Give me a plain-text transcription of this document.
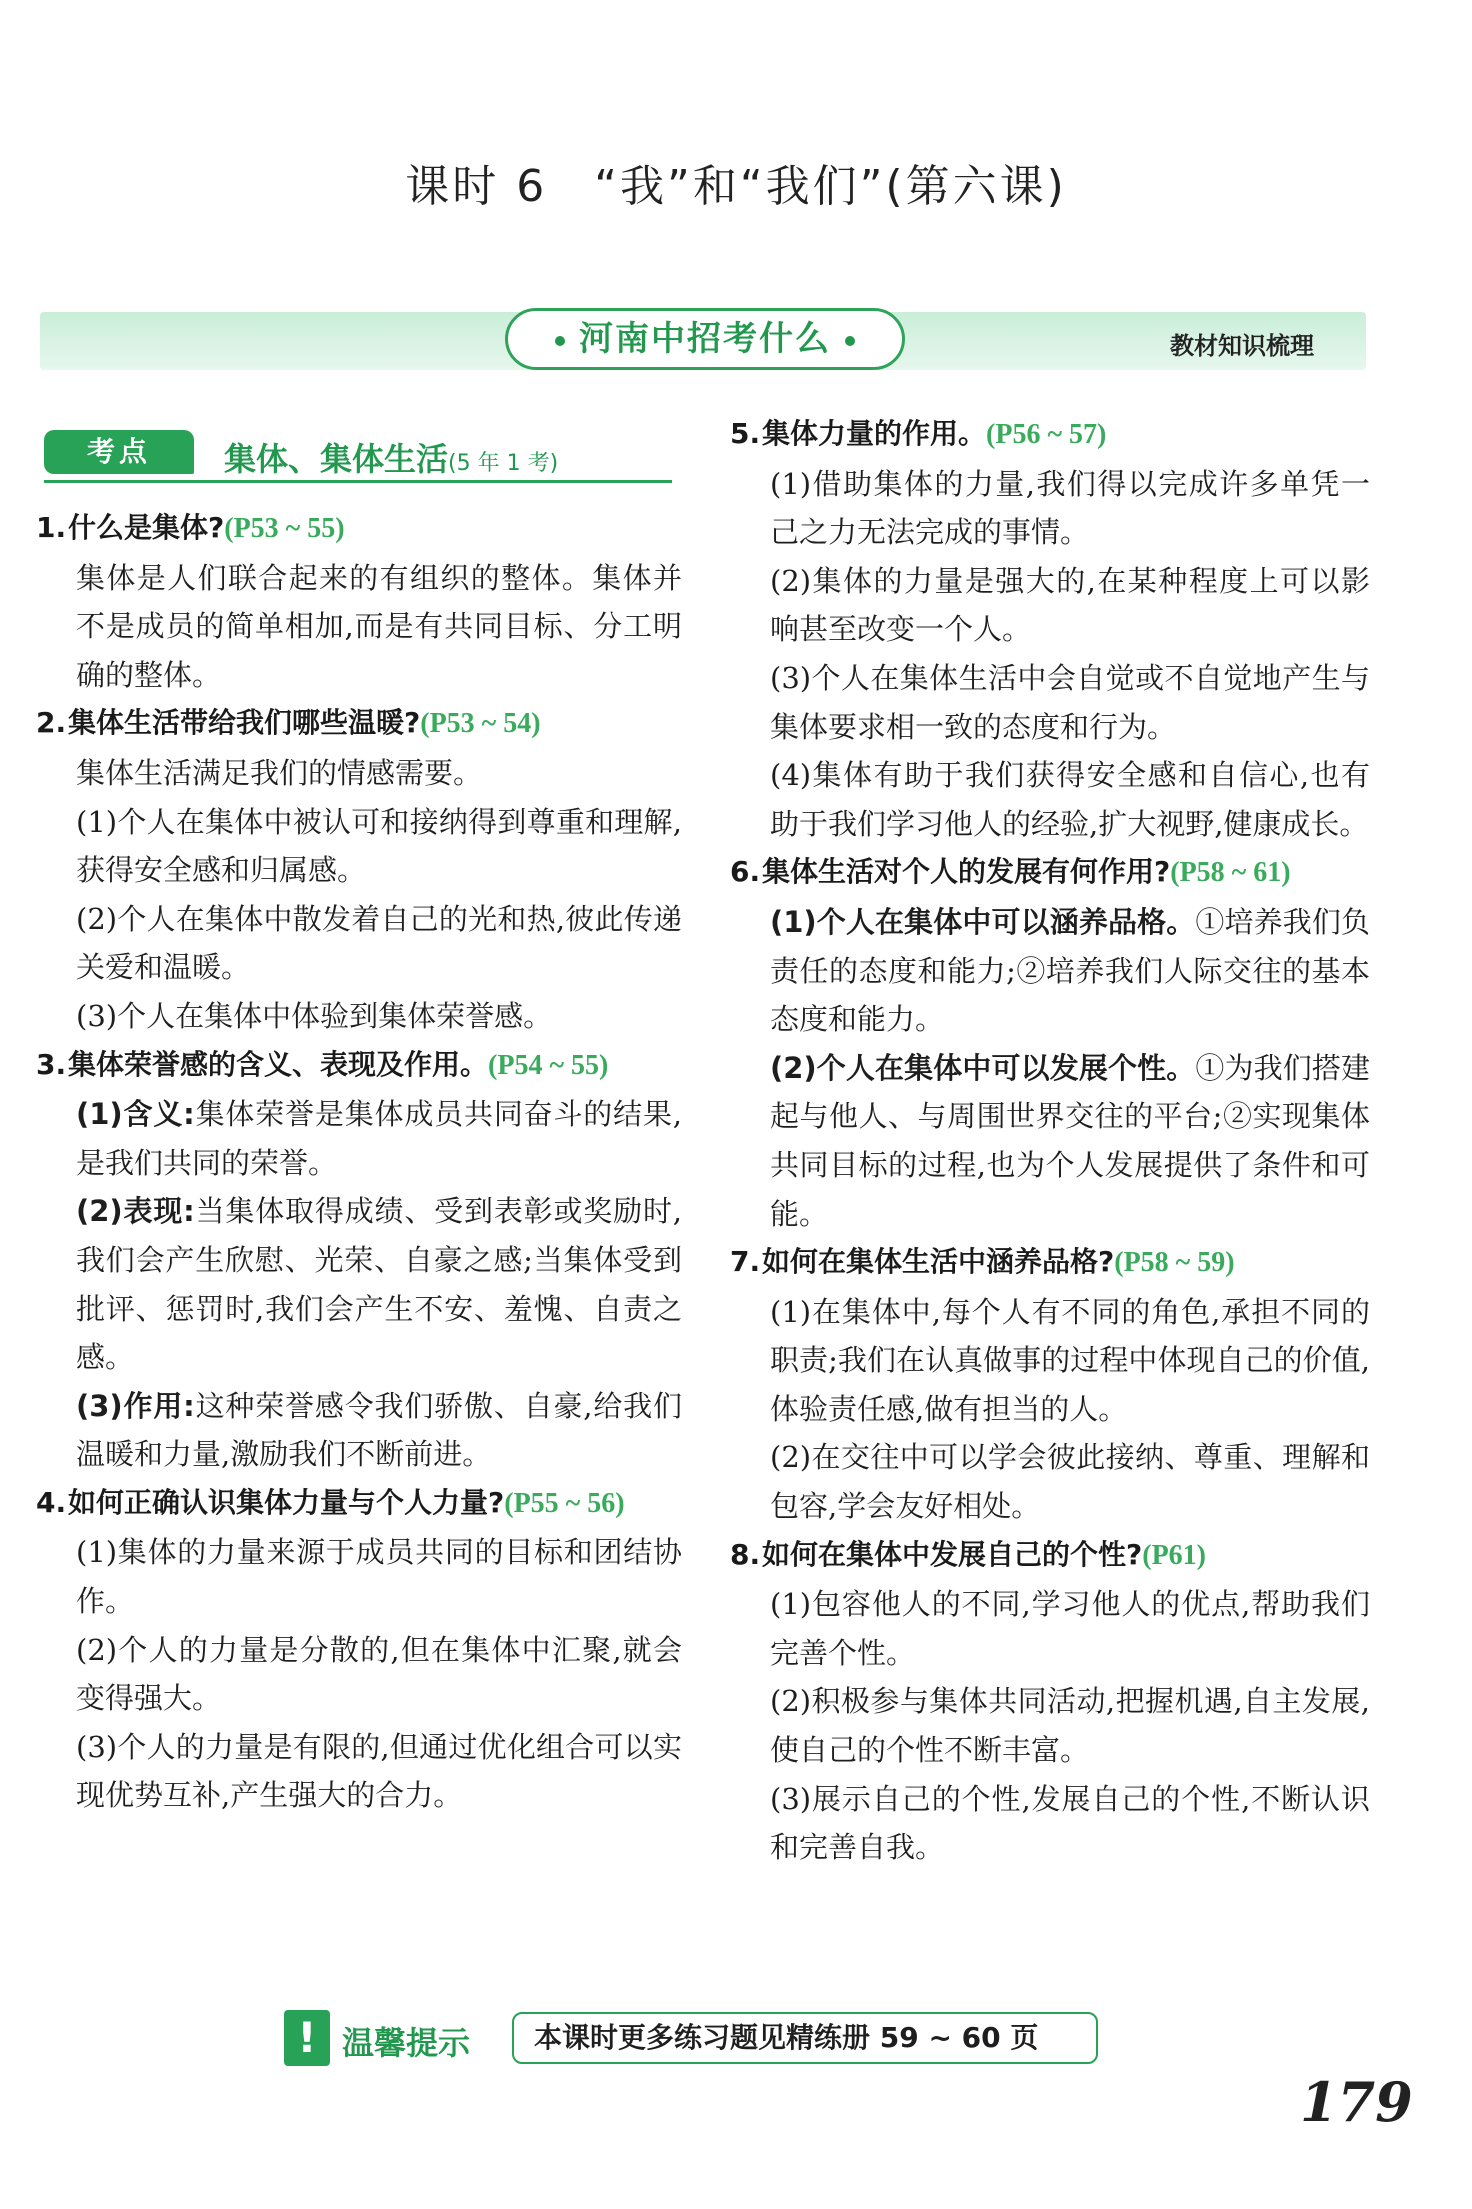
课时 6　“我”和“我们”(第六课)
河南中招考什么	教材知识梳理
考点	集体、集体生活(5 年 1 考)
1.什么是集体?(P53 ~ 55)
集体是人们联合起来的有组织的整体。集体并不是成员的简单相加,而是有共同目标、分工明确的整体。
2.集体生活带给我们哪些温暖?(P53 ~ 54)
集体生活满足我们的情感需要。
(1)个人在集体中被认可和接纳得到尊重和理解,获得安全感和归属感。
(2)个人在集体中散发着自己的光和热,彼此传递关爱和温暖。
(3)个人在集体中体验到集体荣誉感。
3.集体荣誉感的含义、表现及作用。(P54 ~ 55)
(1)含义:集体荣誉是集体成员共同奋斗的结果,是我们共同的荣誉。
(2)表现:当集体取得成绩、受到表彰或奖励时,我们会产生欣慰、光荣、自豪之感;当集体受到批评、惩罚时,我们会产生不安、羞愧、自责之感。
(3)作用:这种荣誉感令我们骄傲、自豪,给我们温暖和力量,激励我们不断前进。
4.如何正确认识集体力量与个人力量?(P55 ~ 56)
(1)集体的力量来源于成员共同的目标和团结协作。
(2)个人的力量是分散的,但在集体中汇聚,就会变得强大。
(3)个人的力量是有限的,但通过优化组合可以实现优势互补,产生强大的合力。
5.集体力量的作用。(P56 ~ 57)
(1)借助集体的力量,我们得以完成许多单凭一己之力无法完成的事情。
(2)集体的力量是强大的,在某种程度上可以影响甚至改变一个人。
(3)个人在集体生活中会自觉或不自觉地产生与集体要求相一致的态度和行为。
(4)集体有助于我们获得安全感和自信心,也有助于我们学习他人的经验,扩大视野,健康成长。
6.集体生活对个人的发展有何作用?(P58 ~ 61)
(1)个人在集体中可以涵养品格。①培养我们负责任的态度和能力;②培养我们人际交往的基本态度和能力。
(2)个人在集体中可以发展个性。①为我们搭建起与他人、与周围世界交往的平台;②实现集体共同目标的过程,也为个人发展提供了条件和可能。
7.如何在集体生活中涵养品格?(P58 ~ 59)
(1)在集体中,每个人有不同的角色,承担不同的职责;我们在认真做事的过程中体现自己的价值,体验责任感,做有担当的人。
(2)在交往中可以学会彼此接纳、尊重、理解和包容,学会友好相处。
8.如何在集体中发展自己的个性?(P61)
(1)包容他人的不同,学习他人的优点,帮助我们完善个性。
(2)积极参与集体共同活动,把握机遇,自主发展,使自己的个性不断丰富。
(3)展示自己的个性,发展自己的个性,不断认识和完善自我。
! 温馨提示	本课时更多练习题见精练册 59 ~ 60 页
179
